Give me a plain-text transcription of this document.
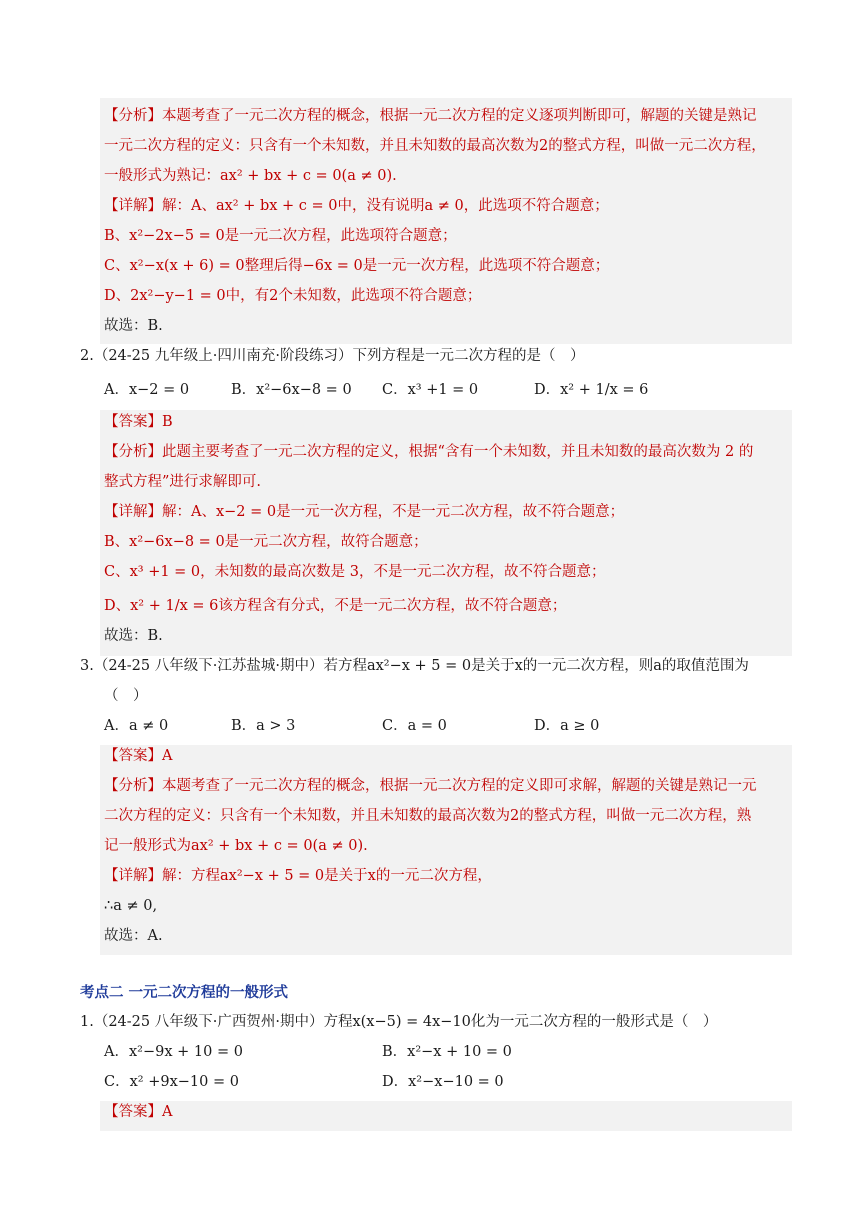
【分析】本题考查了一元二次方程的概念，根据一元二次方程的定义逐项判断即可，解题的关键是熟记
一元二次方程的定义：只含有一个未知数，并且未知数的最高次数为2的整式方程，叫做一元二次方程，
一般形式为熟记：ax² + bx + c = 0(a ≠ 0).
【详解】解：A、ax² + bx + c = 0中，没有说明a ≠ 0，此选项不符合题意；
B、x²−2x−5 = 0是一元二次方程，此选项符合题意；
C、x²−x(x + 6) = 0整理后得−6x = 0是一元一次方程，此选项不符合题意；
D、2x²−y−1 = 0中，有2个未知数，此选项不符合题意；
故选：B.
2.（24-25 九年级上·四川南充·阶段练习）下列方程是一元二次方程的是（　）
A．x−2 = 0	B．x²−6x−8 = 0 C．x³ +1 = 0	D．x² + 1/x = 6
【答案】B
【分析】此题主要考查了一元二次方程的定义，根据“含有一个未知数，并且未知数的最高次数为 2 的
整式方程”进行求解即可.
【详解】解：A、x−2 = 0是一元一次方程，不是一元二次方程，故不符合题意；
B、x²−6x−8 = 0是一元二次方程，故符合题意；
C、x³ +1 = 0，未知数的最高次数是 3，不是一元二次方程，故不符合题意；
D、x² + 1/x = 6该方程含有分式，不是一元二次方程，故不符合题意；
故选：B.
3.（24-25 八年级下·江苏盐城·期中）若方程ax²−x + 5 = 0是关于x的一元二次方程，则a的取值范围为
（　）
A．a ≠ 0	B．a > 3	C．a = 0	D．a ≥ 0
【答案】A
【分析】本题考查了一元二次方程的概念，根据一元二次方程的定义即可求解，解题的关键是熟记一元
二次方程的定义：只含有一个未知数，并且未知数的最高次数为2的整式方程，叫做一元二次方程，熟
记一般形式为ax² + bx + c = 0(a ≠ 0).
【详解】解：方程ax²−x + 5 = 0是关于x的一元二次方程，
∴a ≠ 0,
故选：A.
考点二 一元二次方程的一般形式
1.（24-25 八年级下·广西贺州·期中）方程x(x−5) = 4x−10化为一元二次方程的一般形式是（　）
A．x²−9x + 10 = 0	B．x²−x + 10 = 0
C．x² +9x−10 = 0	D．x²−x−10 = 0
【答案】A
